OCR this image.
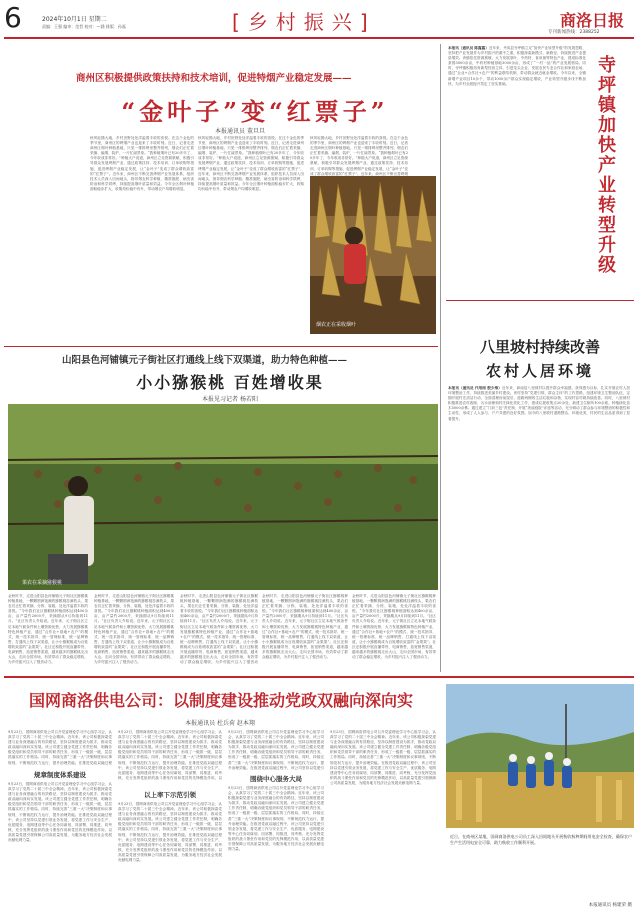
6	2024年10月1日 星期二
责编：王强 编审：范哲 校对：—涵 排版：孙磊	[乡村振兴]	商洛日报
专刊新闻热线：2388252
商州区积极提供政策扶持和技术培训，促进特烟产业稳定发展——
“金叶子”变“红票子”
本报通讯员 董旦旦
秋风轻拂大地，乡村田野处处洋溢着丰收的喜悦。在这个金色的季节里，商州区的烤烟产业也迎来了丰收时刻。近日，记者走进商州区烟叶种植基地，只见一排排烤房整齐排列，烟农们正忙着采摘、编烟、装炉，一片忙碌景象。“我种植烟叶已有20多年了，今年收成非常好。”种植大户说道，商州区立足资源禀赋，积极引导群众发展烤烟产业，通过政策扶持、技术培训、订单收购等措施，促进烤烟产业稳定发展，让“金叶子”变成了群众增收致富的“红票子”。近年来，商州区不断完善烤烟产业发展体系，组织技术人员深入田间地头，指导烟农科学种植、精准施肥、病虫害防治和科学烘烤，持续提高烟叶质量和效益。今年全区烟叶种植面积稳步扩大，收购均价稳中有升，带动烟农户均增收明显。
秋风轻拂大地，乡村田野处处洋溢着丰收的喜悦。在这个金色的季节里，商州区的烤烟产业也迎来了丰收时刻。近日，记者走进商州区烟叶种植基地，只见一排排烤房整齐排列，烟农们正忙着采摘、编烟、装炉，一片忙碌景象。“我种植烟叶已有20多年了，今年收成非常好。”种植大户说道，商州区立足资源禀赋，积极引导群众发展烤烟产业，通过政策扶持、技术培训、订单收购等措施，促进烤烟产业稳定发展，让“金叶子”变成了群众增收致富的“红票子”。近年来，商州区不断完善烤烟产业发展体系，组织技术人员深入田间地头，指导烟农科学种植、精准施肥、病虫害防治和科学烘烤，持续提高烟叶质量和效益。今年全区烟叶种植面积稳步扩大，收购均价稳中有升，带动烟农户均增收明显。
秋风轻拂大地，乡村田野处处洋溢着丰收的喜悦。在这个金色的季节里，商州区的烤烟产业也迎来了丰收时刻。近日，记者走进商州区烟叶种植基地，只见一排排烤房整齐排列，烟农们正忙着采摘、编烟、装炉，一片忙碌景象。“我种植烟叶已有20多年了，今年收成非常好。”种植大户说道，商州区立足资源禀赋，积极引导群众发展烤烟产业，通过政策扶持、技术培训、订单收购等措施，促进烤烟产业稳定发展，让“金叶子”变成了群众增收致富的“红票子”。近年来，商州区不断完善烤烟
烟农正在采收烟叶
本报讯（通讯员 陈露露）近年来，丹凤县寺坪镇立足“加快产业转型升级”的发展思路，坚持把产业发展作为乡村振兴的重中之重，积极探索新模式、新路径，持续推进产业提质增效。该镇依托资源禀赋，大力发展茶叶、中药材、食用菌等特色产业，建成标准化茶园5000余亩，中药材种植基地3000余亩，形成了“一村一品”的产业发展格局。同时，寺坪镇积极培育新型经营主体，引进龙头企业，发展农民专业合作社和家庭农场，通过“企业+合作社+农户”的利益联结机制，带动群众就近就业增收。今年以来，全镇新增产业项目10余个，带动1000余户群众实现稳定增收，产业转型升级步伐不断加快，为乡村全面振兴奠定了坚实基础。
寺坪镇加快产业转型升级
山阳县色河铺镇元子街社区打通线上线下双渠道，助力特色种植——
小小猕猴桃 百姓增收果
本报见习记者 杨若阳
果农在采摘猕猴桃
金秋时节，走进山阳县色河铺镇元子街社区猕猴桃种植基地，一颗颗圆润饱满的猕猴桃挂满枝头，果农们正忙着采摘、分拣、装箱，处处洋溢着丰收的喜悦。“今年我们社区猕猴桃种植面积达到400余亩，亩产量约2000斤，采摘期从9月持续到11月。”社区负责人介绍说。近年来，元子街社区立足本地气候条件和土壤资源优势，大力发展猕猴桃特色种植产业，通过“合作社+基地+农户”的模式，统一技术指导、统一管理标准、统一品牌销售，打通线上线下双渠道，让小小猕猴桃成为百姓增收致富的“金果果”。社区还积极开展直播带货、电商销售，拓宽销售渠道，越来越多的猕猴桃走出大山，走向全国市场，有效带动了群众稳定增收，为乡村振兴注入了强劲动力。
金秋时节，走进山阳县色河铺镇元子街社区猕猴桃种植基地，一颗颗圆润饱满的猕猴桃挂满枝头，果农们正忙着采摘、分拣、装箱，处处洋溢着丰收的喜悦。“今年我们社区猕猴桃种植面积达到400余亩，亩产量约2000斤，采摘期从9月持续到11月。”社区负责人介绍说。近年来，元子街社区立足本地气候条件和土壤资源优势，大力发展猕猴桃特色种植产业，通过“合作社+基地+农户”的模式，统一技术指导、统一管理标准、统一品牌销售，打通线上线下双渠道，让小小猕猴桃成为百姓增收致富的“金果果”。社区还积极开展直播带货、电商销售，拓宽销售渠道，越来越多的猕猴桃走出大山，走向全国市场，有效带动了群众稳定增收，为乡村振兴注入了强劲动力。
金秋时节，走进山阳县色河铺镇元子街社区猕猴桃种植基地，一颗颗圆润饱满的猕猴桃挂满枝头，果农们正忙着采摘、分拣、装箱，处处洋溢着丰收的喜悦。“今年我们社区猕猴桃种植面积达到400余亩，亩产量约2000斤，采摘期从9月持续到11月。”社区负责人介绍说。近年来，元子街社区立足本地气候条件和土壤资源优势，大力发展猕猴桃特色种植产业，通过“合作社+基地+农户”的模式，统一技术指导、统一管理标准、统一品牌销售，打通线上线下双渠道，让小小猕猴桃成为百姓增收致富的“金果果”。社区还积极开展直播带货、电商销售，拓宽销售渠道，越来越多的猕猴桃走出大山，走向全国市场，有效带动了群众稳定增收，为乡村振兴注入了强劲动
金秋时节，走进山阳县色河铺镇元子街社区猕猴桃种植基地，一颗颗圆润饱满的猕猴桃挂满枝头，果农们正忙着采摘、分拣、装箱，处处洋溢着丰收的喜悦。“今年我们社区猕猴桃种植面积达到400余亩，亩产量约2000斤，采摘期从9月持续到11月。”社区负责人介绍说。近年来，元子街社区立足本地气候条件和土壤资源优势，大力发展猕猴桃特色种植产业，通过“合作社+基地+农户”的模式，统一技术指导、统一管理标准、统一品牌销售，打通线上线下双渠道，让小小猕猴桃成为百姓增收致富的“金果果”。社区还积极开展直播带货、电商销售，拓宽销售渠道，越来越多的猕猴桃走出大山，走向全国市场，有效带动了群众稳定增收，为乡村振兴注入了强劲动力。
金秋时节，走进山阳县色河铺镇元子街社区猕猴桃种植基地，一颗颗圆润饱满的猕猴桃挂满枝头，果农们正忙着采摘、分拣、装箱，处处洋溢着丰收的喜悦。“今年我们社区猕猴桃种植面积达到400余亩，亩产量约2000斤，采摘期从9月持续到11月。”社区负责人介绍说。近年来，元子街社区立足本地气候条件和土壤资源优势，大力发展猕猴桃特色种植产业，通过“合作社+基地+农户”的模式，统一技术指导、统一管理标准、统一品牌销售，打通线上线下双渠道，让小小猕猴桃成为百姓增收致富的“金果果”。社区还积极开展直播带货、电商销售，拓宽销售渠道，越来越多的猕猴桃走出大山，走向全国市场，有效带动了群众稳定增收，为乡村振兴注入了强劲动力。
八里坡村持续改善
农村人居环境
本报讯（通讯员 代培雨 殷少维）近年来，商南县八里坡村以提升群众幸福感、获得感为目标，扎实开展农村人居环境整治工作，持续推进美丽乡村建设。该村坚持“党建引领、群众主体”的工作思路，组建环境卫生整治队伍，定期开展村庄清洁行动，全面清理房前屋后、道路两侧的生活垃圾和杂物，实现村容村貌持续改善。同时，八里坡村积极推进农村改厕、污水治理和村庄绿化美化工作，建成垃圾收集点20余处，新建卫生厕所100余座，种植绿化苗木5000余株。通过建立“门前三包”责任制、开展“美丽庭院”评选等活动，充分调动了群众参与环境整治的积极性和主动性，形成了人人参与、户户共建的良好氛围。如今的八里坡村道路整洁、环境优美，村民的生活品质得到了显著提升。
国网商洛供电公司：以制度建设推动党政双融向深向实
本报通讯员 杜兵荷 赵本翔
9月23日，国网商洛供电公司召开党委理论学习中心组学习会，认真学习了党的二十届三中全会精神。近年来，该公司积极探索党建与业务深度融合的有效路径，坚持以制度建设为抓手，推动党政双融向深向实发展。该公司建立健全党建工作责任制，明确各级党组织和党员领导干部的职责任务，形成了一级抓一级、层层抓落实的工作格局。同时，持续完善“三重一大”决策制度和议事规则，不断规范权力运行，提升治理效能。在推进党政双融过程
规章制度体系建设
9月23日，国网商洛供电公司召开党委理论学习中心组学习会，认真学习了党的二十届三中全会精神。近年来，该公司积极探索党建与业务深度融合的有效路径，坚持以制度建设为抓手，推动党政双融向深向实发展。该公司建立健全党建工作责任制，明确各级党组织和党员领导干部的职责任务，形成了一级抓一级、层层抓落实的工作格局。同时，持续完善“三重一大”决策制度和议事规则，不断规范权力运行，提升治理效能。在推进党政双融过程中，该公司坚持以党建引领业务发展，将党建工作与安全生产、优质服务、电网建设等中心任务同谋划、同部署、同推进、同考核，充分发挥党组织的战斗堡垒作用和党员的先锋模范作用，以高质量党建引领保障公司高质量发展，为服务地方经济社会发展贡献电网力量。
9月23日，国网商洛供电公司召开党委理论学习中心组学习会，认真学习了党的二十届三中全会精神。近年来，该公司积极探索党建与业务深度融合的有效路径，坚持以制度建设为抓手，推动党政双融向深向实发展。该公司建立健全党建工作责任制，明确各级党组织和党员领导干部的职责任务，形成了一级抓一级、层层抓落实的工作格局。同时，持续完善“三重一大”决策制度和议事规则，不断规范权力运行，提升治理效能。在推进党政双融过程中，该公司坚持以党建引领业务发展，将党建工作与安全生产、优质服务、电网建设等中心任务同谋划、同部署、同推进、同考核，充分发挥党组织的战斗堡垒作用和党员的先锋模范作用，以
以上率下示范引领
9月23日，国网商洛供电公司召开党委理论学习中心组学习会，认真学习了党的二十届三中全会精神。近年来，该公司积极探索党建与业务深度融合的有效路径，坚持以制度建设为抓手，推动党政双融向深向实发展。该公司建立健全党建工作责任制，明确各级党组织和党员领导干部的职责任务，形成了一级抓一级、层层抓落实的工作格局。同时，持续完善“三重一大”决策制度和议事规则，不断规范权力运行，提升治理效能。在推进党政双融过程中，该公司坚持以党建引领业务发展，将党建工作与安全生产、优质服务、电网建设等中心任务同谋划、同部署、同推进、同考核，充分发挥党组织的战斗堡垒作用和党员的先锋模范作用，以高质量党建引领保障公司高质量发展，为服务地方经济社会发展贡献电网力量。
9月23日，国网商洛供电公司召开党委理论学习中心组学习会，认真学习了党的二十届三中全会精神。近年来，该公司积极探索党建与业务深度融合的有效路径，坚持以制度建设为抓手，推动党政双融向深向实发展。该公司建立健全党建工作责任制，明确各级党组织和党员领导干部的职责任务，形成了一级抓一级、层层抓落实的工作格局。同时，持续完善“三重一大”决策制度和议事规则，不断规范权力运行，提升治理效能。在推进党政双融过程中，该公司坚持以党建引
围绕中心服务大局
9月23日，国网商洛供电公司召开党委理论学习中心组学习会，认真学习了党的二十届三中全会精神。近年来，该公司积极探索党建与业务深度融合的有效路径，坚持以制度建设为抓手，推动党政双融向深向实发展。该公司建立健全党建工作责任制，明确各级党组织和党员领导干部的职责任务，形成了一级抓一级、层层抓落实的工作格局。同时，持续完善“三重一大”决策制度和议事规则，不断规范权力运行，提升治理效能。在推进党政双融过程中，该公司坚持以党建引领业务发展，将党建工作与安全生产、优质服务、电网建设等中心任务同谋划、同部署、同推进、同考核，充分发挥党组织的战斗堡垒作用和党员的先锋模范作用，以高质量党建引领保障公司高质量发展，为服务地方经济社会发展贡献电网力量。
9月23日，国网商洛供电公司召开党委理论学习中心组学习会，认真学习了党的二十届三中全会精神。近年来，该公司积极探索党建与业务深度融合的有效路径，坚持以制度建设为抓手，推动党政双融向深向实发展。该公司建立健全党建工作责任制，明确各级党组织和党员领导干部的职责任务，形成了一级抓一级、层层抓落实的工作格局。同时，持续完善“三重一大”决策制度和议事规则，不断规范权力运行，提升治理效能。在推进党政双融过程中，该公司坚持以党建引领业务发展，将党建工作与安全生产、优质服务、电网建设等中心任务同谋划、同部署、同推进、同考核，充分发挥党组织的战斗堡垒作用和党员的先锋模范作用，以高质量党建引领保障公司高质量发展，为服务地方经济社会发展贡献电网力量。
近日，在商州区某地，国网商洛供电公司员工深入田间地头开展秋收秋种期间用电安全检查，确保农户生产生活用电安全可靠，助力秋收工作顺利开展。
本报通讯员 杨建荣 摄
